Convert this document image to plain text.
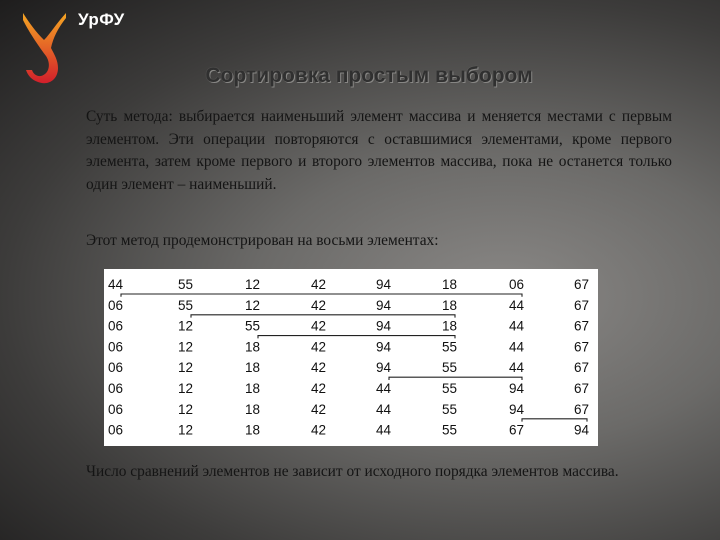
УрФУ
Сортировка простым выбором

Суть метода: выбирается наименьший элемент массива и меняется местами с первым элементом. Эти операции повторяются с оставшимися элементами, кроме первого элемента, затем кроме первого и второго элементов массива, пока не останется только один элемент – наименьший.

Этот метод продемонстрирован на восьми элементах:

44	55	12	42	94	18	06	67
06	55	12	42	94	18	44	67
06	12	55	42	94	18	44	67
06	12	18	42	94	55	44	67
06	12	18	42	94	55	44	67
06	12	18	42	44	55	94	67
06	12	18	42	44	55	94	67
06	12	18	42	44	55	67	94

Число сравнений элементов не зависит от исходного порядка элементов массива.
